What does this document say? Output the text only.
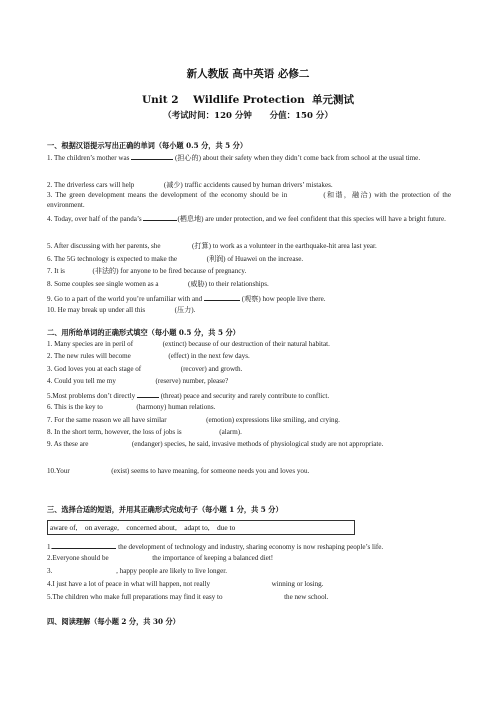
新人教版 高中英语 必修二
Unit 2    Wildlife Protection  单元测试
（考试时间：120 分钟      分值：150 分）
一、根据汉语提示写出正确的单词（每小题 0.5 分，共 5 分）
1. The children’s mother was	(担心的) about their safety when they didn’t come back from school at the usual time.
2. The driverless cars will help	(减少) traffic accidents caused by human drivers’ mistakes.
3. The green development means the development of the economy should be in	(和谐，融洽) with the protection of the environment.
4. Today, over half of the panda’s	(栖息地) are under protection, and we feel confident that this species will have a bright future.
5. After discussing with her parents, she	(打算) to work as a volunteer in the earthquake-hit area last year.
6. The 5G technology is expected to make the	(利润) of Huawei on the increase.
7. It is	(非法的) for anyone to be fired because of pregnancy.
8. Some couples see single women as a	(威胁) to their relationships.
9. Go to a part of the world you’re unfamiliar with and	(观察) how people live there.
10. He may break up under all this	(压力).
二、用所给单词的正确形式填空（每小题 0.5 分，共 5 分）
1. Many species are in peril of	(extinct) because of our destruction of their natural habitat.
2. The new rules will become	(effect) in the next few days.
3. God loves you at each stage of	(recover) and growth.
4. Could you tell me my	(reserve) number, please?
5.Most problems don’t directly	(threat) peace and security and rarely contribute to conflict.
6. This is the key to	(harmony) human relations.
7. For the same reason we all have similar	(emotion) expressions like smiling, and crying.
8. In the short term, however, the loss of jobs is	(alarm).
9. As these are	(endanger) species, he said, invasive methods of physiological study are not appropriate.
10.Your	(exist) seems to have meaning, for someone needs you and loves you.
三、选择合适的短语，并用其正确形式完成句子（每小题 1 分，共 5 分）
aware of,    on average,    concerned about,    adapt to,    due to
1.	the development of technology and industry, sharing economy is now reshaping people’s life.
2.Everyone should be	the importance of keeping a balanced diet!
3.	, happy people are likely to live longer.
4.I just have a lot of peace in what will happen, not really	winning or losing.
5.The children who make full preparations may find it easy to	the new school.
四、阅读理解（每小题 2 分，共 30 分）
